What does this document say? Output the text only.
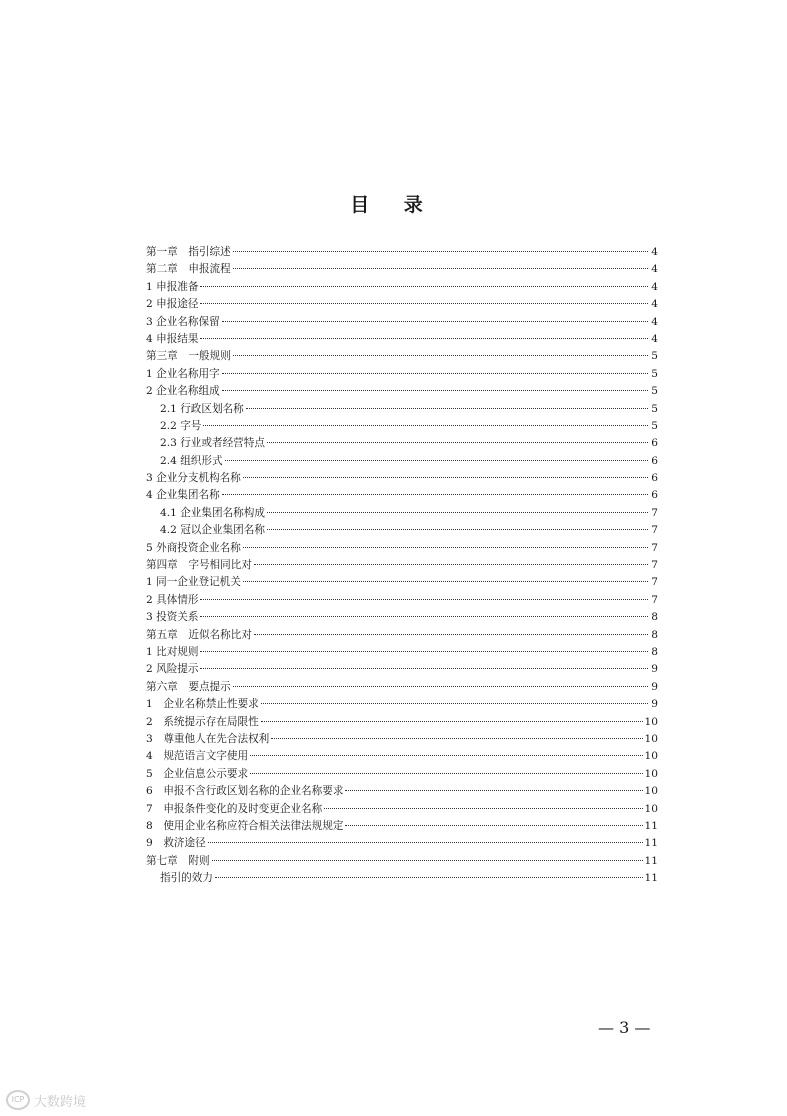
目 录
第一章　指引综述	4
第二章　申报流程	4
1 申报准备	4
2 申报途径	4
3 企业名称保留	4
4 申报结果	4
第三章　一般规则	5
1 企业名称用字	5
2 企业名称组成	5
2.1 行政区划名称	5
2.2 字号	5
2.3 行业或者经营特点	6
2.4 组织形式	6
3 企业分支机构名称	6
4 企业集团名称	6
4.1 企业集团名称构成	7
4.2 冠以企业集团名称	7
5 外商投资企业名称	7
第四章　字号相同比对	7
1 同一企业登记机关	7
2 具体情形	7
3 投资关系	8
第五章　近似名称比对	8
1 比对规则	8
2 风险提示	9
第六章　要点提示	9
1　企业名称禁止性要求	9
2　系统提示存在局限性	10
3　尊重他人在先合法权利	10
4　规范语言文字使用	10
5　企业信息公示要求	10
6　申报不含行政区划名称的企业名称要求	10
7　申报条件变化的及时变更企业名称	10
8　使用企业名称应符合相关法律法规规定	11
9　救济途径	11
第七章　附则	11
指引的效力	11
— 3 —
ICP 大数跨境
